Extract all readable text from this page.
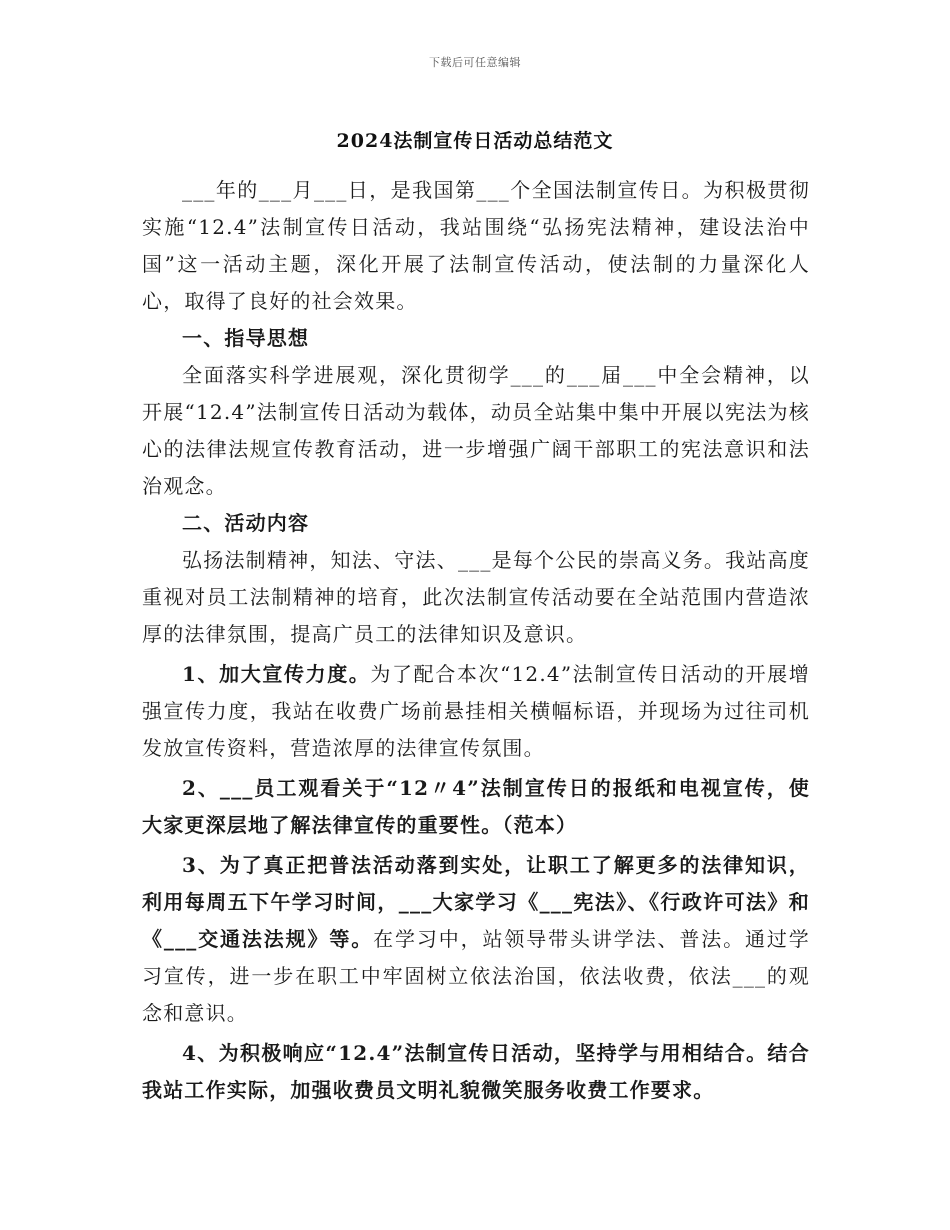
下载后可任意编辑
2024法制宣传日活动总结范文

___年的___月___日，是我国第___个全国法制宣传日。为积极贯彻实施“12.4”法制宣传日活动，我站围绕“弘扬宪法精神，建设法治中国”这一活动主题，深化开展了法制宣传活动，使法制的力量深化人心，取得了良好的社会效果。

一、指导思想

全面落实科学进展观，深化贯彻学___的___届___中全会精神，以开展“12.4”法制宣传日活动为载体，动员全站集中集中开展以宪法为核心的法律法规宣传教育活动，进一步增强广阔干部职工的宪法意识和法治观念。

二、活动内容

弘扬法制精神，知法、守法、___是每个公民的崇高义务。我站高度重视对员工法制精神的培育，此次法制宣传活动要在全站范围内营造浓厚的法律氛围，提高广员工的法律知识及意识。

1、加大宣传力度。为了配合本次“12.4”法制宣传日活动的开展增强宣传力度，我站在收费广场前悬挂相关横幅标语，并现场为过往司机发放宣传资料，营造浓厚的法律宣传氛围。

2、___员工观看关于“12〃4”法制宣传日的报纸和电视宣传，使大家更深层地了解法律宣传的重要性。（范本）

3、为了真正把普法活动落到实处，让职工了解更多的法律知识，利用每周五下午学习时间，___大家学习《___宪法》、《行政许可法》和《___交通法法规》等。在学习中，站领导带头讲学法、普法。通过学习宣传，进一步在职工中牢固树立依法治国，依法收费，依法___的观念和意识。

4、为积极响应“12.4”法制宣传日活动，坚持学与用相结合。结合我站工作实际，加强收费员文明礼貌微笑服务收费工作要求。
